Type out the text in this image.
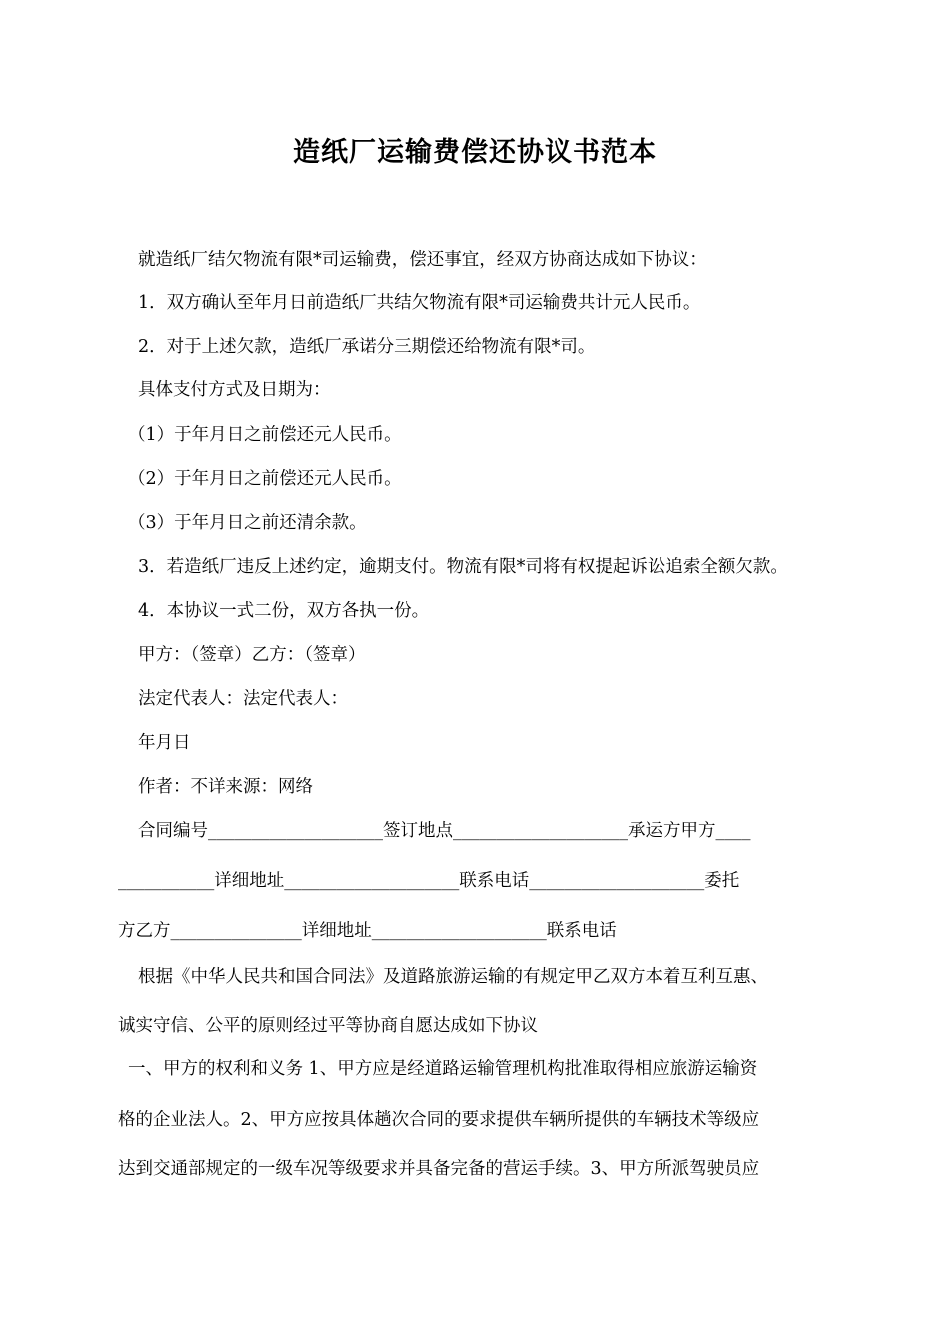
造纸厂运输费偿还协议书范本
就造纸厂结欠物流有限*司运输费，偿还事宜，经双方协商达成如下协议：
1．双方确认至年月日前造纸厂共结欠物流有限*司运输费共计元人民币。
2．对于上述欠款，造纸厂承诺分三期偿还给物流有限*司。
具体支付方式及日期为：
（1）于年月日之前偿还元人民币。
（2）于年月日之前偿还元人民币。
（3）于年月日之前还清余款。
3．若造纸厂违反上述约定，逾期支付。物流有限*司将有权提起诉讼追索全额欠款。
4．本协议一式二份，双方各执一份。
甲方：（签章）乙方：（签章）
法定代表人：法定代表人：
年月日
作者：不详来源：网络
合同编号____________________签订地点____________________承运方甲方____
___________详细地址____________________联系电话____________________委托
方乙方_______________详细地址____________________联系电话
根据《中华人民共和国合同法》及道路旅游运输的有规定甲乙双方本着互利互惠、
诚实守信、公平的原则经过平等协商自愿达成如下协议
一、甲方的权利和义务 1、甲方应是经道路运输管理机构批准取得相应旅游运输资
格的企业法人。2、甲方应按具体趟次合同的要求提供车辆所提供的车辆技术等级应
达到交通部规定的一级车况等级要求并具备完备的营运手续。3、甲方所派驾驶员应
